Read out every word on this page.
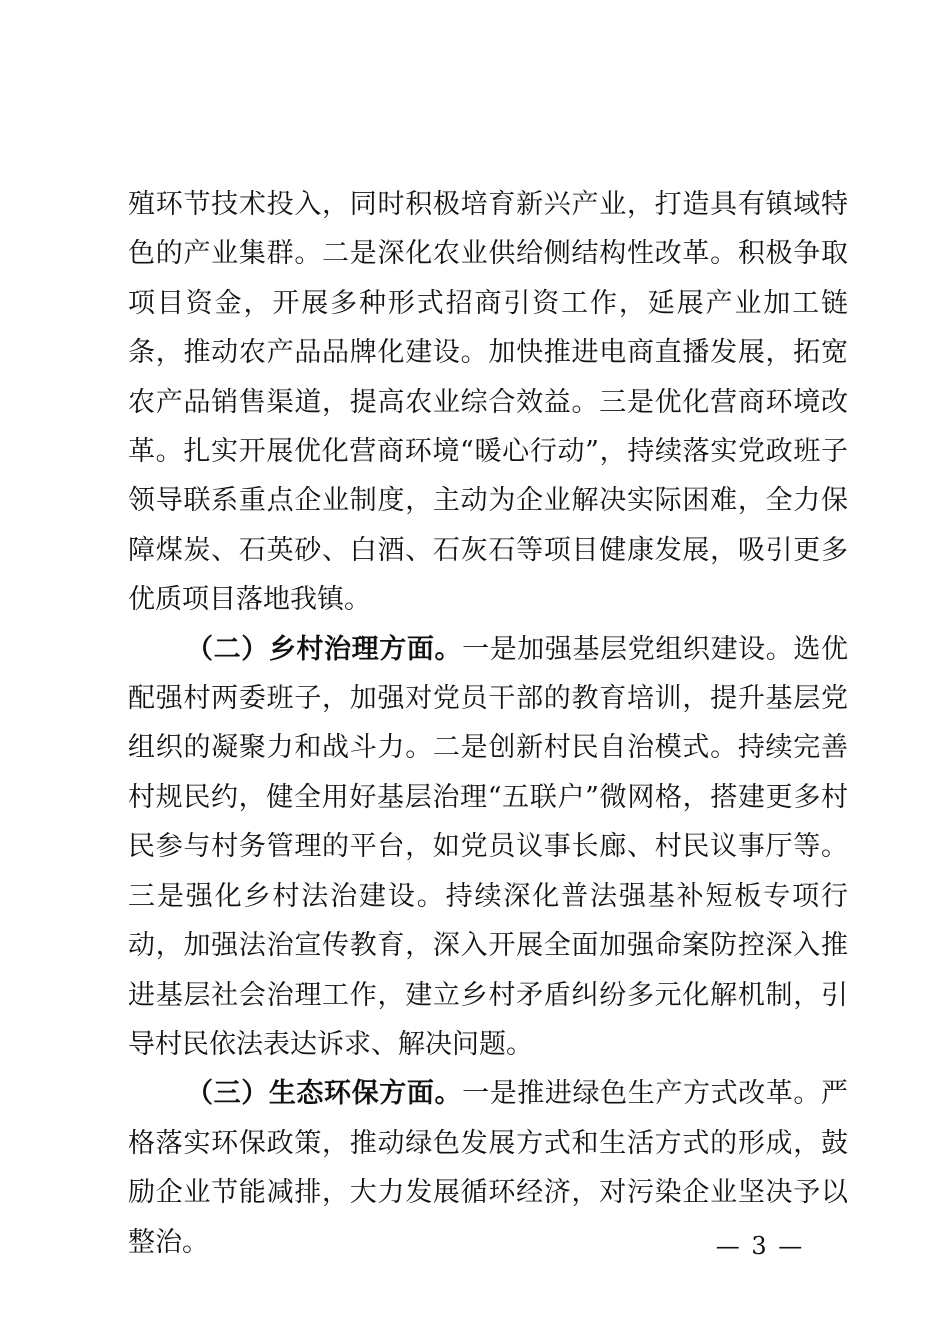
殖环节技术投入，同时积极培育新兴产业，打造具有镇域特色的产业集群。二是深化农业供给侧结构性改革。积极争取项目资金，开展多种形式招商引资工作，延展产业加工链条，推动农产品品牌化建设。加快推进电商直播发展，拓宽农产品销售渠道，提高农业综合效益。三是优化营商环境改革。扎实开展优化营商环境“暖心行动”，持续落实党政班子领导联系重点企业制度，主动为企业解决实际困难，全力保障煤炭、石英砂、白酒、石灰石等项目健康发展，吸引更多优质项目落地我镇。

（二）乡村治理方面。一是加强基层党组织建设。选优配强村两委班子，加强对党员干部的教育培训，提升基层党组织的凝聚力和战斗力。二是创新村民自治模式。持续完善村规民约，健全用好基层治理“五联户”微网格，搭建更多村民参与村务管理的平台，如党员议事长廊、村民议事厅等。三是强化乡村法治建设。持续深化普法强基补短板专项行动，加强法治宣传教育，深入开展全面加强命案防控深入推进基层社会治理工作，建立乡村矛盾纠纷多元化解机制，引导村民依法表达诉求、解决问题。

（三）生态环保方面。一是推进绿色生产方式改革。严格落实环保政策，推动绿色发展方式和生活方式的形成，鼓励企业节能减排，大力发展循环经济，对污染企业坚决予以整治。	— 3 —
